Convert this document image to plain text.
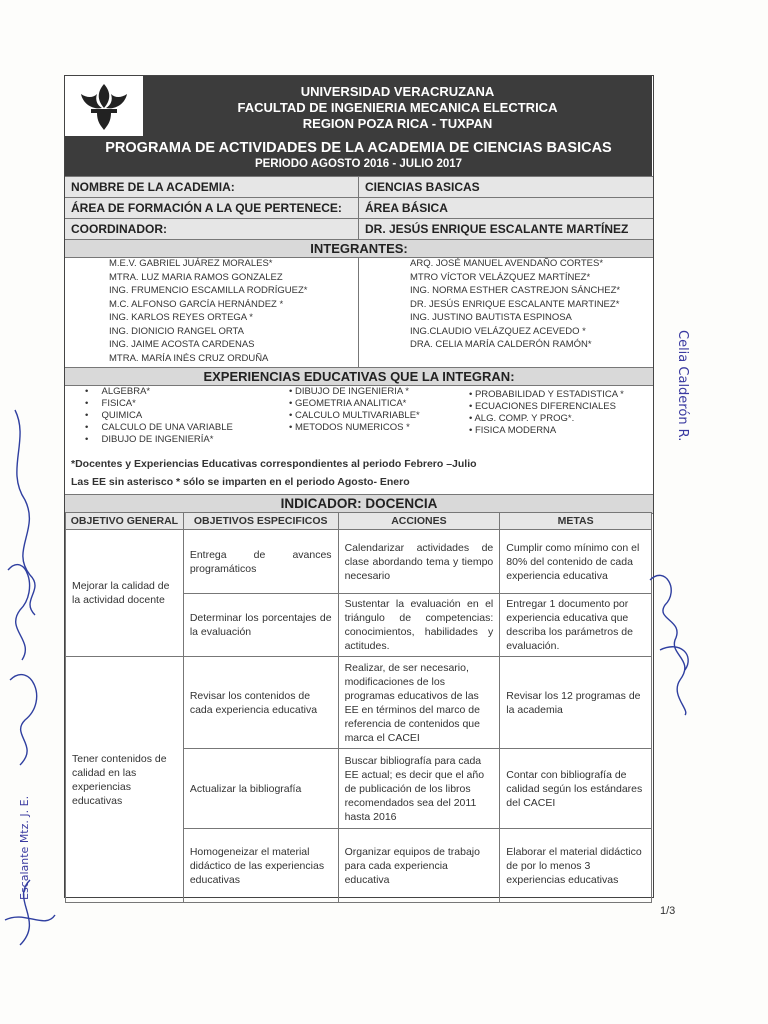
UNIVERSIDAD VERACRUZANA
FACULTAD DE INGENIERIA MECANICA ELECTRICA
REGION POZA RICA - TUXPAN
PROGRAMA DE ACTIVIDADES DE LA ACADEMIA DE CIENCIAS BASICAS
PERIODO AGOSTO 2016 - JULIO 2017
NOMBRE DE LA ACADEMIA:	CIENCIAS BASICAS
ÁREA DE FORMACIÓN A LA QUE PERTENECE: ÁREA BÁSICA
COORDINADOR:	DR. JESÚS ENRIQUE ESCALANTE MARTÍNEZ
INTEGRANTES:
M.E.V. GABRIEL JUÁREZ MORALES*
MTRA. LUZ MARIA RAMOS GONZALEZ
ING. FRUMENCIO ESCAMILLA RODRÍGUEZ*
M.C. ALFONSO GARCÍA HERNÁNDEZ *
ING. KARLOS REYES ORTEGA *
ING. DIONICIO RANGEL ORTA
ING. JAIME ACOSTA CARDENAS
MTRA. MARÍA INÉS CRUZ ORDUÑA
ARQ. JOSÉ MANUEL AVENDAÑO CORTES*
MTRO VÍCTOR VELÁZQUEZ MARTÍNEZ*
ING. NORMA ESTHER CASTREJON SÁNCHEZ*
DR. JESÚS ENRIQUE ESCALANTE MARTINEZ*
ING. JUSTINO BAUTISTA ESPINOSA
ING.CLAUDIO VELÁZQUEZ ACEVEDO *
DRA. CELIA MARÍA CALDERÓN RAMÓN*
EXPERIENCIAS EDUCATIVAS QUE LA INTEGRAN:
•     ALGEBRA*
•     FISICA*
•     QUIMICA
•     CALCULO DE UNA VARIABLE
•     DIBUJO DE INGENIERÍA*
• DIBUJO DE INGENIERIA *
• GEOMETRIA ANALITICA*
• CALCULO MULTIVARIABLE*
• METODOS NUMERICOS *
• PROBABILIDAD Y ESTADISTICA *
• ECUACIONES DIFERENCIALES
• ALG. COMP. Y PROG*.
• FISICA MODERNA
*Docentes y Experiencias Educativas correspondientes al periodo Febrero –Julio
Las EE sin asterisco * sólo se imparten en el periodo Agosto- Enero
INDICADOR: DOCENCIA
OBJETIVO GENERAL	OBJETIVOS ESPECIFICOS	ACCIONES	METAS
Mejorar la calidad de la actividad docente	Entrega de avances programáticos	Calendarizar actividades de clase abordando tema y tiempo necesario	Cumplir como mínimo con el 80% del contenido de cada experiencia educativa
	Determinar los porcentajes de la evaluación	Sustentar la evaluación en el triángulo de competencias: conocimientos, habilidades y actitudes.	Entregar 1 documento por experiencia educativa que describa los parámetros de evaluación.
Tener contenidos de calidad en las experiencias educativas	Revisar los contenidos de cada experiencia educativa	Realizar, de ser necesario, modificaciones de los programas educativos de las EE en términos del marco de referencia de contenidos que marca el CACEI	Revisar los 12 programas de la academia
	Actualizar la bibliografía	Buscar bibliografía para cada EE actual; es decir que el año de publicación de los libros recomendados sea del 2011 hasta 2016	Contar con bibliografía de calidad según los estándares del CACEI
	Homogeneizar el material didáctico de las experiencias educativas	Organizar equipos de trabajo para cada experiencia educativa	Elaborar el material didáctico de por lo menos 3 experiencias educativas
1/3
Escalante Mtz. J. E.
Celia Calderón R.
